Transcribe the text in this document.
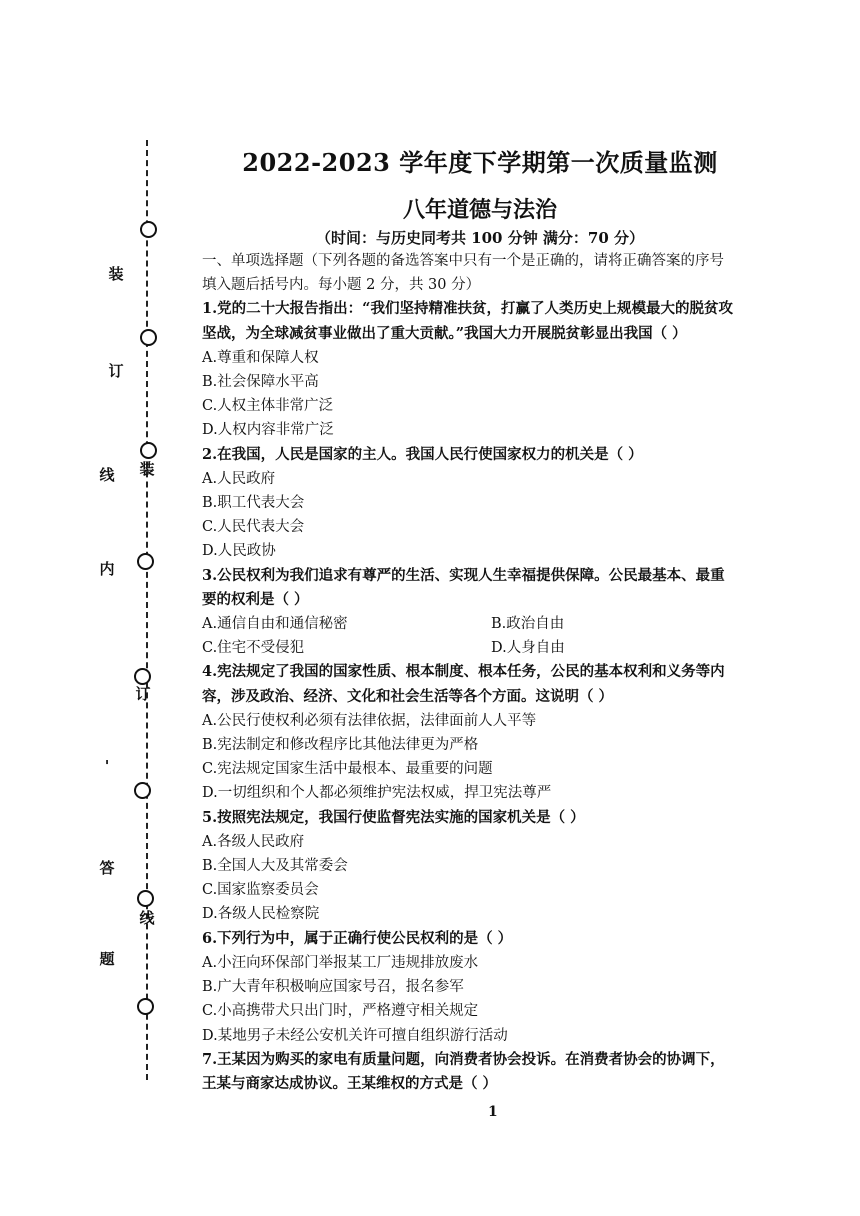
装
订
线
内
'
答
题
装
订
线
2022-2023 学年度下学期第一次质量监测
八年道德与法治
（时间：与历史同考共 100 分钟 满分：70 分）

一、单项选择题（下列各题的备选答案中只有一个是正确的，请将正确答案的序号

填入题后括号内。每小题 2 分，共 30 分）

1.党的二十大报告指出：“我们坚持精准扶贫，打赢了人类历史上规模最大的脱贫攻

坚战，为全球减贫事业做出了重大贡献。”我国大力开展脱贫彰显出我国（ ）

A.尊重和保障人权

B.社会保障水平高

C.人权主体非常广泛

D.人权内容非常广泛

2.在我国，人民是国家的主人。我国人民行使国家权力的机关是（ ）

A.人民政府

B.职工代表大会

C.人民代表大会

D.人民政协

3.公民权利为我们追求有尊严的生活、实现人生幸福提供保障。公民最基本、最重

要的权利是（ ）

A.通信自由和通信秘密	B.政治自由
C.住宅不受侵犯	D.人身自由

4.宪法规定了我国的国家性质、根本制度、根本任务，公民的基本权利和义务等内

容，涉及政治、经济、文化和社会生活等各个方面。这说明（ ）

A.公民行使权利必须有法律依据，法律面前人人平等

B.宪法制定和修改程序比其他法律更为严格

C.宪法规定国家生活中最根本、最重要的问题

D.一切组织和个人都必须维护宪法权威，捍卫宪法尊严

5.按照宪法规定，我国行使监督宪法实施的国家机关是（ ）

A.各级人民政府

B.全国人大及其常委会

C.国家监察委员会

D.各级人民检察院

6.下列行为中，属于正确行使公民权利的是（ ）

A.小汪向环保部门举报某工厂违规排放废水

B.广大青年积极响应国家号召，报名参军

C.小高携带犬只出门时，严格遵守相关规定

D.某地男子未经公安机关许可擅自组织游行活动

7.王某因为购买的家电有质量问题，向消费者协会投诉。在消费者协会的协调下，

王某与商家达成协议。王某维权的方式是（ ）

1
